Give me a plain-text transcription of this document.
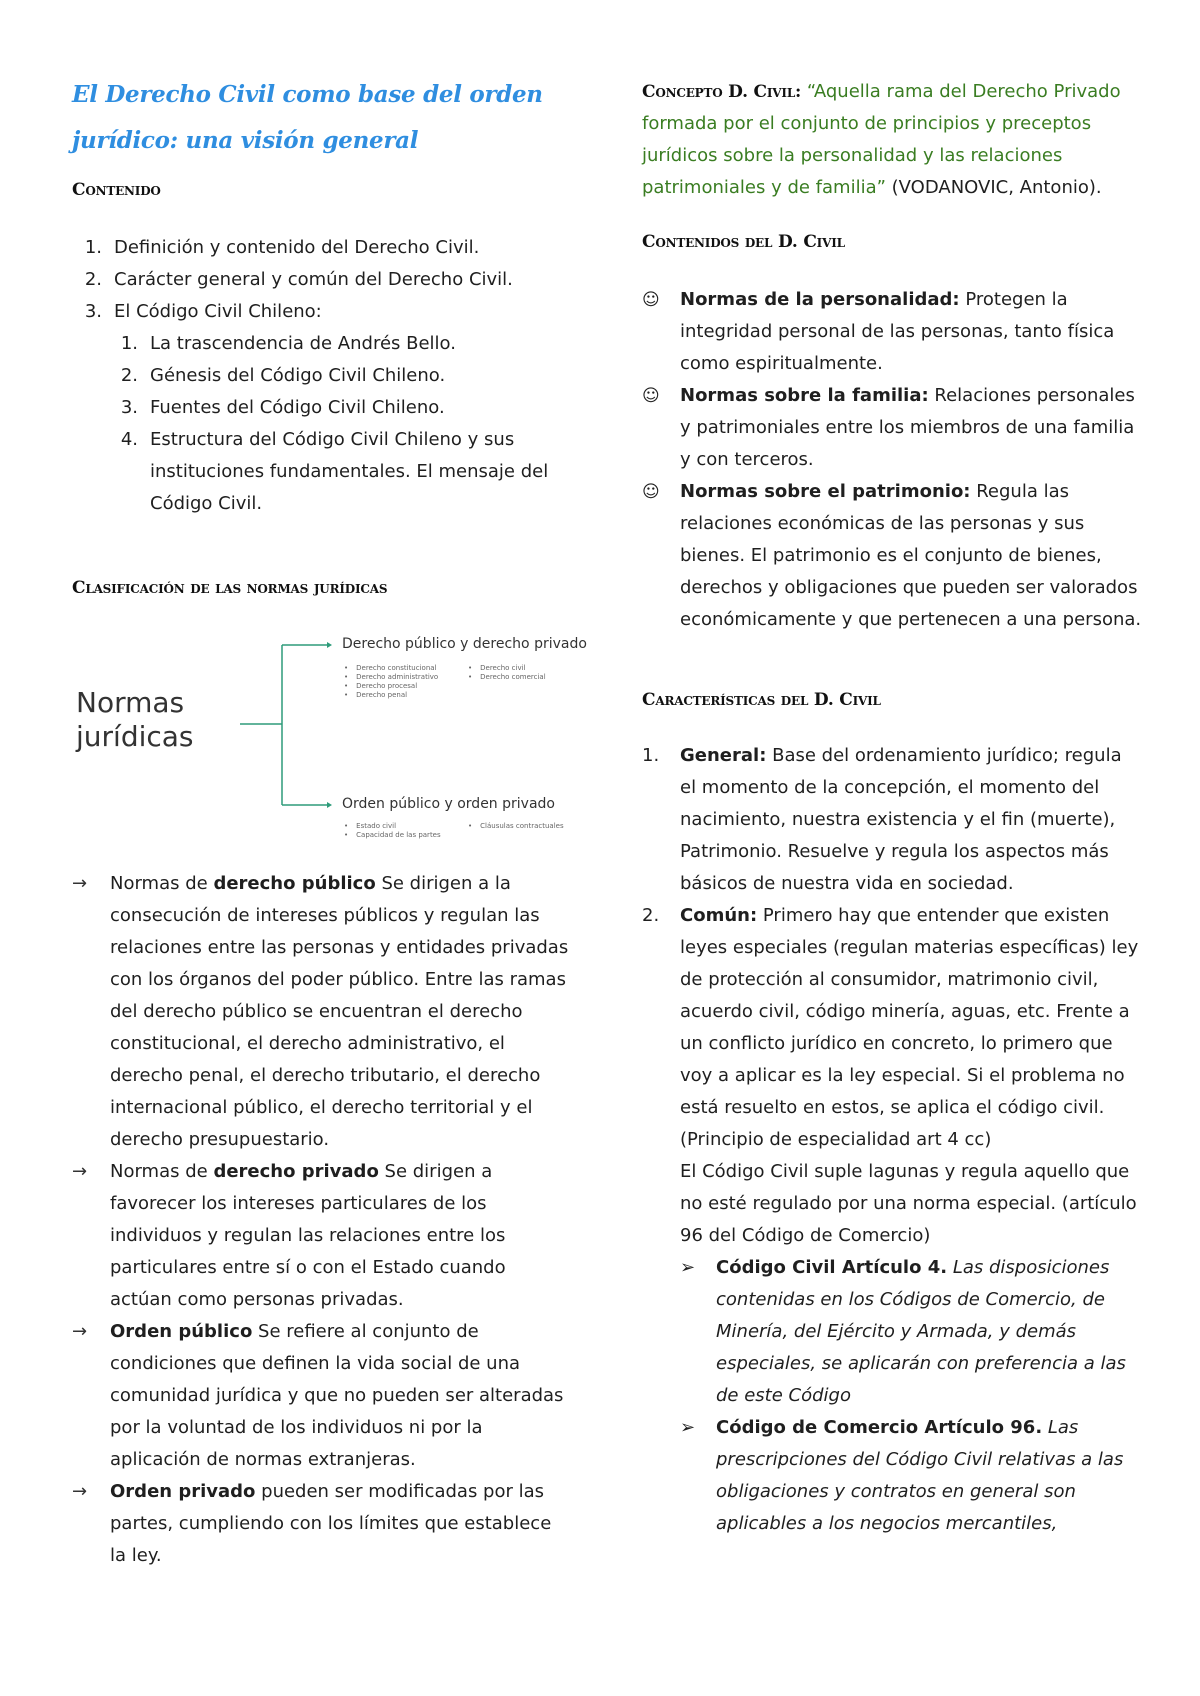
El Derecho Civil como base del orden jurídico: una visión general
Contenido
1. Definición y contenido del Derecho Civil.
2. Carácter general y común del Derecho Civil.
3. El Código Civil Chileno:
1. La trascendencia de Andrés Bello.
2. Génesis del Código Civil Chileno.
3. Fuentes del Código Civil Chileno.
4. Estructura del Código Civil Chileno y sus instituciones fundamentales. El mensaje del Código Civil.
Clasificación de las normas jurídicas
Normas jurídicas
Derecho público y derecho privado
• Derecho constitucional
• Derecho administrativo
• Derecho procesal
• Derecho penal
• Derecho civil
• Derecho comercial
Orden público y orden privado
• Estado civil
• Capacidad de las partes
• Cláusulas contractuales
→ Normas de derecho público Se dirigen a la consecución de intereses públicos y regulan las relaciones entre las personas y entidades privadas con los órganos del poder público. Entre las ramas del derecho público se encuentran el derecho constitucional, el derecho administrativo, el derecho penal, el derecho tributario, el derecho internacional público, el derecho territorial y el derecho presupuestario.
→ Normas de derecho privado Se dirigen a favorecer los intereses particulares de los individuos y regulan las relaciones entre los particulares entre sí o con el Estado cuando actúan como personas privadas.
→ Orden público Se refiere al conjunto de condiciones que definen la vida social de una comunidad jurídica y que no pueden ser alteradas por la voluntad de los individuos ni por la aplicación de normas extranjeras.
→ Orden privado pueden ser modificadas por las partes, cumpliendo con los límites que establece la ley.
Concepto D. Civil: “Aquella rama del Derecho Privado formada por el conjunto de principios y preceptos jurídicos sobre la personalidad y las relaciones patrimoniales y de familia” (VODANOVIC, Antonio).
Contenidos del D. Civil
☺ Normas de la personalidad: Protegen la integridad personal de las personas, tanto física como espiritualmente.
☺ Normas sobre la familia: Relaciones personales y patrimoniales entre los miembros de una familia y con terceros.
☺ Normas sobre el patrimonio: Regula las relaciones económicas de las personas y sus bienes. El patrimonio es el conjunto de bienes, derechos y obligaciones que pueden ser valorados económicamente y que pertenecen a una persona.
Características del D. Civil
1. General: Base del ordenamiento jurídico; regula el momento de la concepción, el momento del nacimiento, nuestra existencia y el fin (muerte), Patrimonio. Resuelve y regula los aspectos más básicos de nuestra vida en sociedad.
2. Común: Primero hay que entender que existen leyes especiales (regulan materias específicas) ley de protección al consumidor, matrimonio civil, acuerdo civil, código minería, aguas, etc. Frente a un conflicto jurídico en concreto, lo primero que voy a aplicar es la ley especial. Si el problema no está resuelto en estos, se aplica el código civil. (Principio de especialidad art 4 cc)
El Código Civil suple lagunas y regula aquello que no esté regulado por una norma especial. (artículo 96 del Código de Comercio)
➢ Código Civil Artículo 4. Las disposiciones contenidas en los Códigos de Comercio, de Minería, del Ejército y Armada, y demás especiales, se aplicarán con preferencia a las de este Código
➢ Código de Comercio Artículo 96. Las prescripciones del Código Civil relativas a las obligaciones y contratos en general son aplicables a los negocios mercantiles,
